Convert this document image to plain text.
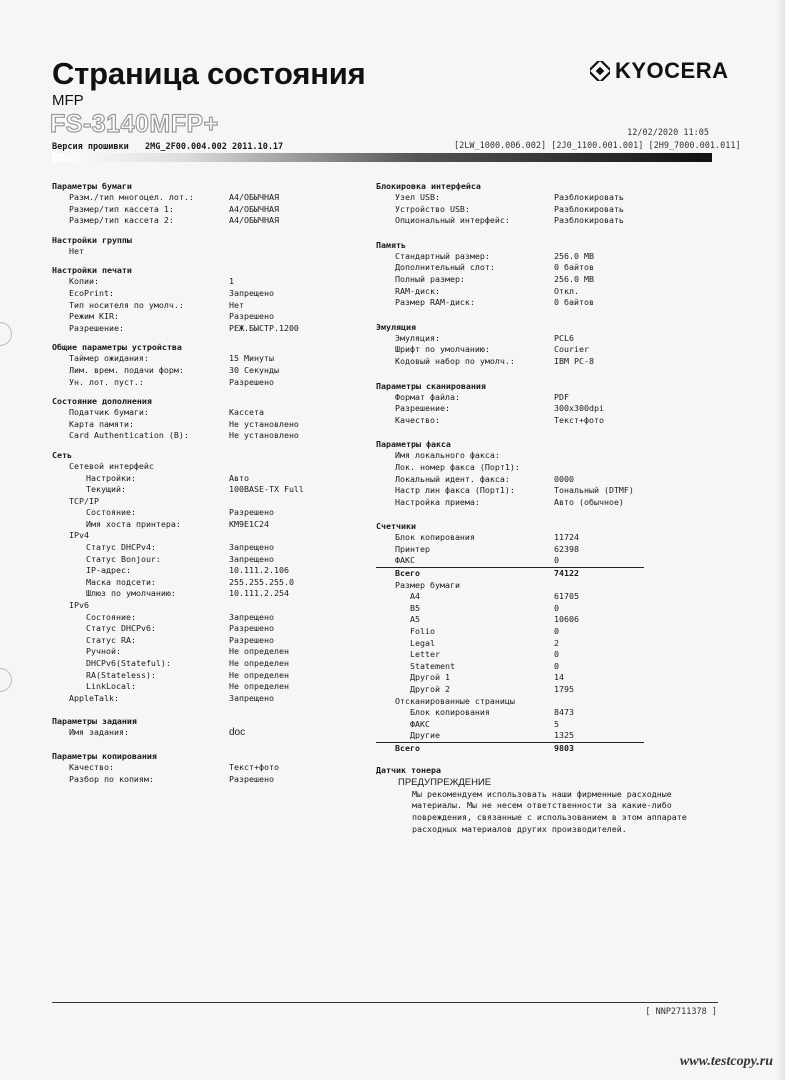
Страница состояния
MFP
FS-3140MFP+
KYOCERA
12/02/2020 11:05
Версия прошивки 2MG_2F00.004.002 2011.10.17	[2LW_1000.006.002] [2J0_1100.001.001] [2H9_7000.001.011]
Параметры бумаги
Разм./тип многоцел. лот.:	A4/ОБЫЧНАЯ
Размер/тип кассета 1:	A4/ОБЫЧНАЯ
Размер/тип кассета 2:	A4/ОБЫЧНАЯ
Настройки группы
Нет
Настройки печати
Копии:	1
EcoPrint:	Запрещено
Тип носителя по умолч.:	Нет
Режим KIR:	Разрешено
Разрешение:	РЕЖ.БЫСТР.1200
Общие параметры устройства
Таймер ожидания:	15 Минуты
Лим. врем. подачи форм:	30 Секунды
Ун. лот. пуст.:	Разрешено
Состояние дополнения
Податчик бумаги:	Кассета
Карта памяти:	Не установлено
Card Authentication (B):	Не установлено
Сеть
Сетевой интерфейс
Настройки:	Авто
Текущий:	100BASE-TX Full
TCP/IP
Состояние:	Разрешено
Имя хоста принтера:	KM9E1C24
IPv4
Статус DHCPv4:	Запрещено
Статус Bonjour:	Запрещено
IP-адрес:	10.111.2.106
Маска подсети:	255.255.255.0
Шлюз по умолчанию:	10.111.2.254
IPv6
Состояние:	Запрещено
Статус DHCPv6:	Разрешено
Статус RA:	Разрешено
Ручной:	Не определен
DHCPv6(Stateful):	Не определен
RA(Stateless):	Не определен
LinkLocal:	Не определен
AppleTalk:	Запрещено
Параметры задания
Имя задания:	doc
Параметры копирования
Качество:	Текст+фото
Разбор по копиям:	Разрешено
Блокировка интерфейса
Узел USB:	Разблокировать
Устройство USB:	Разблокировать
Опциональный интерфейс:	Разблокировать
Память
Стандартный размер:	256.0 MB
Дополнительный слот:	0 байтов
Полный размер:	256.0 MB
RAM-диск:	Откл.
Размер RAM-диск:	0 байтов
Эмуляция
Эмуляция:	PCL6
Шрифт по умолчанию:	Courier
Кодовый набор по умолч.:	IBM PC-8
Параметры сканирования
Формат файла:	PDF
Разрешение:	300x300dpi
Качество:	Текст+фото
Параметры факса
Имя локального факса:
Лок. номер факса (Порт1):
Локальный идент. факса:	0000
Настр лин факса (Порт1):	Тональный (DTMF)
Настройка приема:	Авто (обычное)
Счетчики
Блок копирования	11724
Принтер	62398
ФАКС	0
Всего	74122
Размер бумаги
A4	61705
B5	0
A5	10606
Folio	0
Legal	2
Letter	0
Statement	0
Другой 1	14
Другой 2	1795
Отсканированные страницы
Блок копирования	8473
ФАКС	5
Другие	1325
Всего	9803
Датчик тонера
ПРЕДУПРЕЖДЕНИЕ
Мы рекомендуем использовать наши фирменные расходные материалы. Мы не несем ответственности за какие-либо повреждения, связанные с использованием в этом аппарате расходных материалов других производителей.
[ NNP2711378 ]
www.testcopy.ru
